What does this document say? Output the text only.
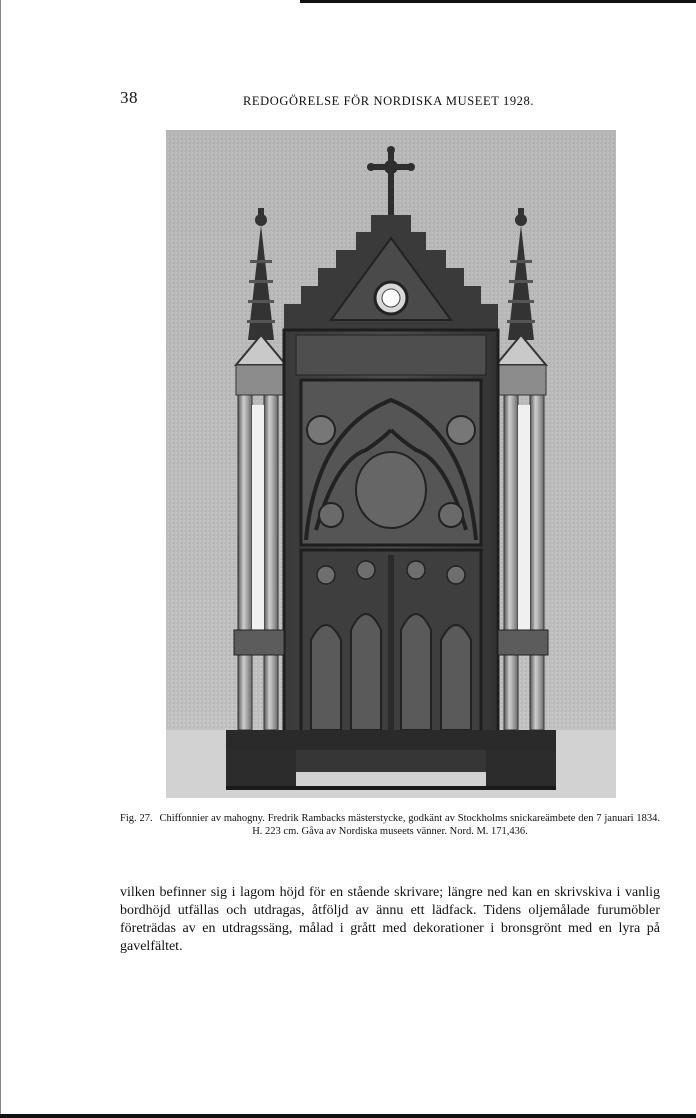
38	REDOGÖRELSE FÖR NORDISKA MUSEET 1928.
Fig. 27. Chiffonnier av mahogny. Fredrik Rambacks mästerstycke, godkänt av Stockholms snickareämbete den 7 januari 1834. H. 223 cm. Gåva av Nordiska museets vänner. Nord. M. 171,436.
vilken befinner sig i lagom höjd för en stående skrivare; längre ned kan en skrivskiva i vanlig bordhöjd utfällas och utdragas, åtföljd av ännu ett lädfack. Tidens oljemålade furumöbler företrädas av en utdragssäng, målad i grått med dekorationer i bronsgrönt med en lyra på gavelfältet.
